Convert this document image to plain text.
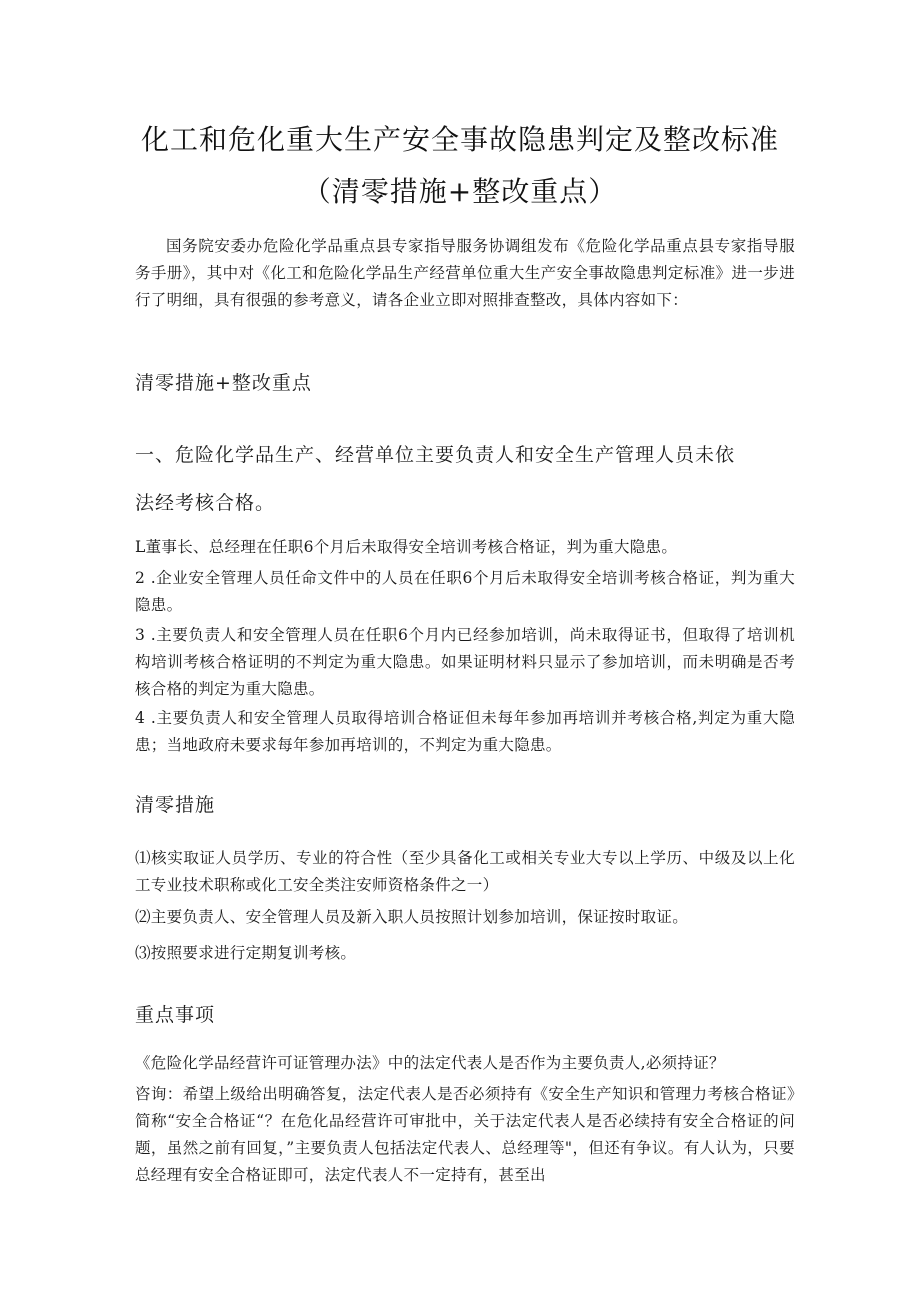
化工和危化重大生产安全事故隐患判定及整改标准
（清零措施+整改重点）
国务院安委办危险化学品重点县专家指导服务协调组发布《危险化学品重点县专家指导服务手册》，其中对《化工和危险化学品生产经营单位重大生产安全事故隐患判定标准》进一步进行了明细，具有很强的参考意义，请各企业立即对照排查整改，具体内容如下：
清零措施+整改重点
一、危险化学品生产、经营单位主要负责人和安全生产管理人员未依
法经考核合格。
L董事长、总经理在任职6个月后未取得安全培训考核合格证，判为重大隐患。
2 .企业安全管理人员任命文件中的人员在任职6个月后未取得安全培训考核合格证，判为重大隐患。
3 .主要负责人和安全管理人员在任职6个月内已经参加培训，尚未取得证书，但取得了培训机构培训考核合格证明的不判定为重大隐患。如果证明材料只显示了参加培训，而未明确是否考核合格的判定为重大隐患。
4 .主要负责人和安全管理人员取得培训合格证但未每年参加再培训并考核合格,判定为重大隐患；当地政府未要求每年参加再培训的，不判定为重大隐患。
清零措施
⑴核实取证人员学历、专业的符合性（至少具备化工或相关专业大专以上学历、中级及以上化工专业技术职称或化工安全类注安师资格条件之一）
⑵主要负责人、安全管理人员及新入职人员按照计划参加培训，保证按时取证。
⑶按照要求进行定期复训考核。
重点事项
《危险化学品经营许可证管理办法》中的法定代表人是否作为主要负责人,必须持证？
咨询：希望上级给出明确答复，法定代表人是否必须持有《安全生产知识和管理力考核合格证》简称“安全合格证“？在危化品经营许可审批中，关于法定代表人是否必续持有安全合格证的问题，虽然之前有回复，”主要负责人包括法定代表人、总经理等"，但还有争议。有人认为，只要总经理有安全合格证即可，法定代表人不一定持有，甚至出
